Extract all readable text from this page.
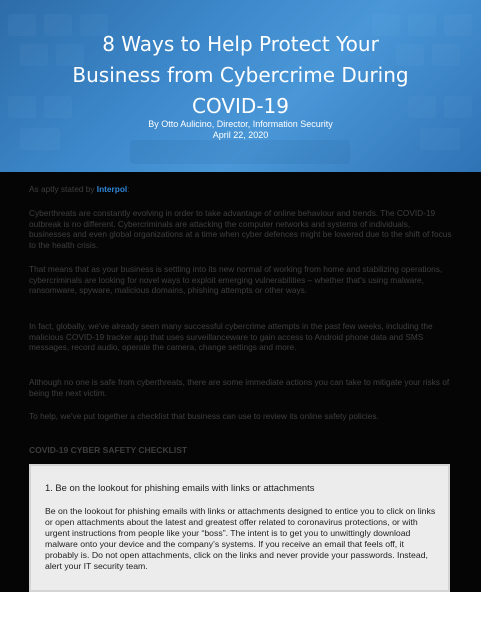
8 Ways to Help Protect Your
Business from Cybercrime During
COVID-19
By Otto Aulicino, Director, Information Security
April 22, 2020

As aptly stated by Interpol:

Cyberthreats are constantly evolving in order to take advantage of online behaviour and trends. The COVID-19 outbreak is no different. Cybercriminals are attacking the computer networks and systems of individuals, businesses and even global organizations at a time when cyber defences might be lowered due to the shift of focus to the health crisis.

That means that as your business is settling into its new normal of working from home and stabilizing operations, cybercriminals are looking for novel ways to exploit emerging vulnerabilities – whether that's using malware, ransomware, spyware, malicious domains, phishing attempts or other ways.

In fact, globally, we've already seen many successful cybercrime attempts in the past few weeks, including the malicious COVID-19 tracker app that uses surveillanceware to gain access to Android phone data and SMS messages, record audio, operate the camera, change settings and more.

Although no one is safe from cyberthreats, there are some immediate actions you can take to mitigate your risks of being the next victim.

To help, we've put together a checklist that business can use to review its online safety policies.

COVID-19 CYBER SAFETY CHECKLIST
1. Be on the lookout for phishing emails with links or attachments

Be on the lookout for phishing emails with links or attachments designed to entice you to click on links or open attachments about the latest and greatest offer related to coronavirus protections, or with urgent instructions from people like your “boss”. The intent is to get you to unwittingly download malware onto your device and the company’s systems. If you receive an email that feels off, it probably is. Do not open attachments, click on the links and never provide your passwords. Instead, alert your IT security team.
